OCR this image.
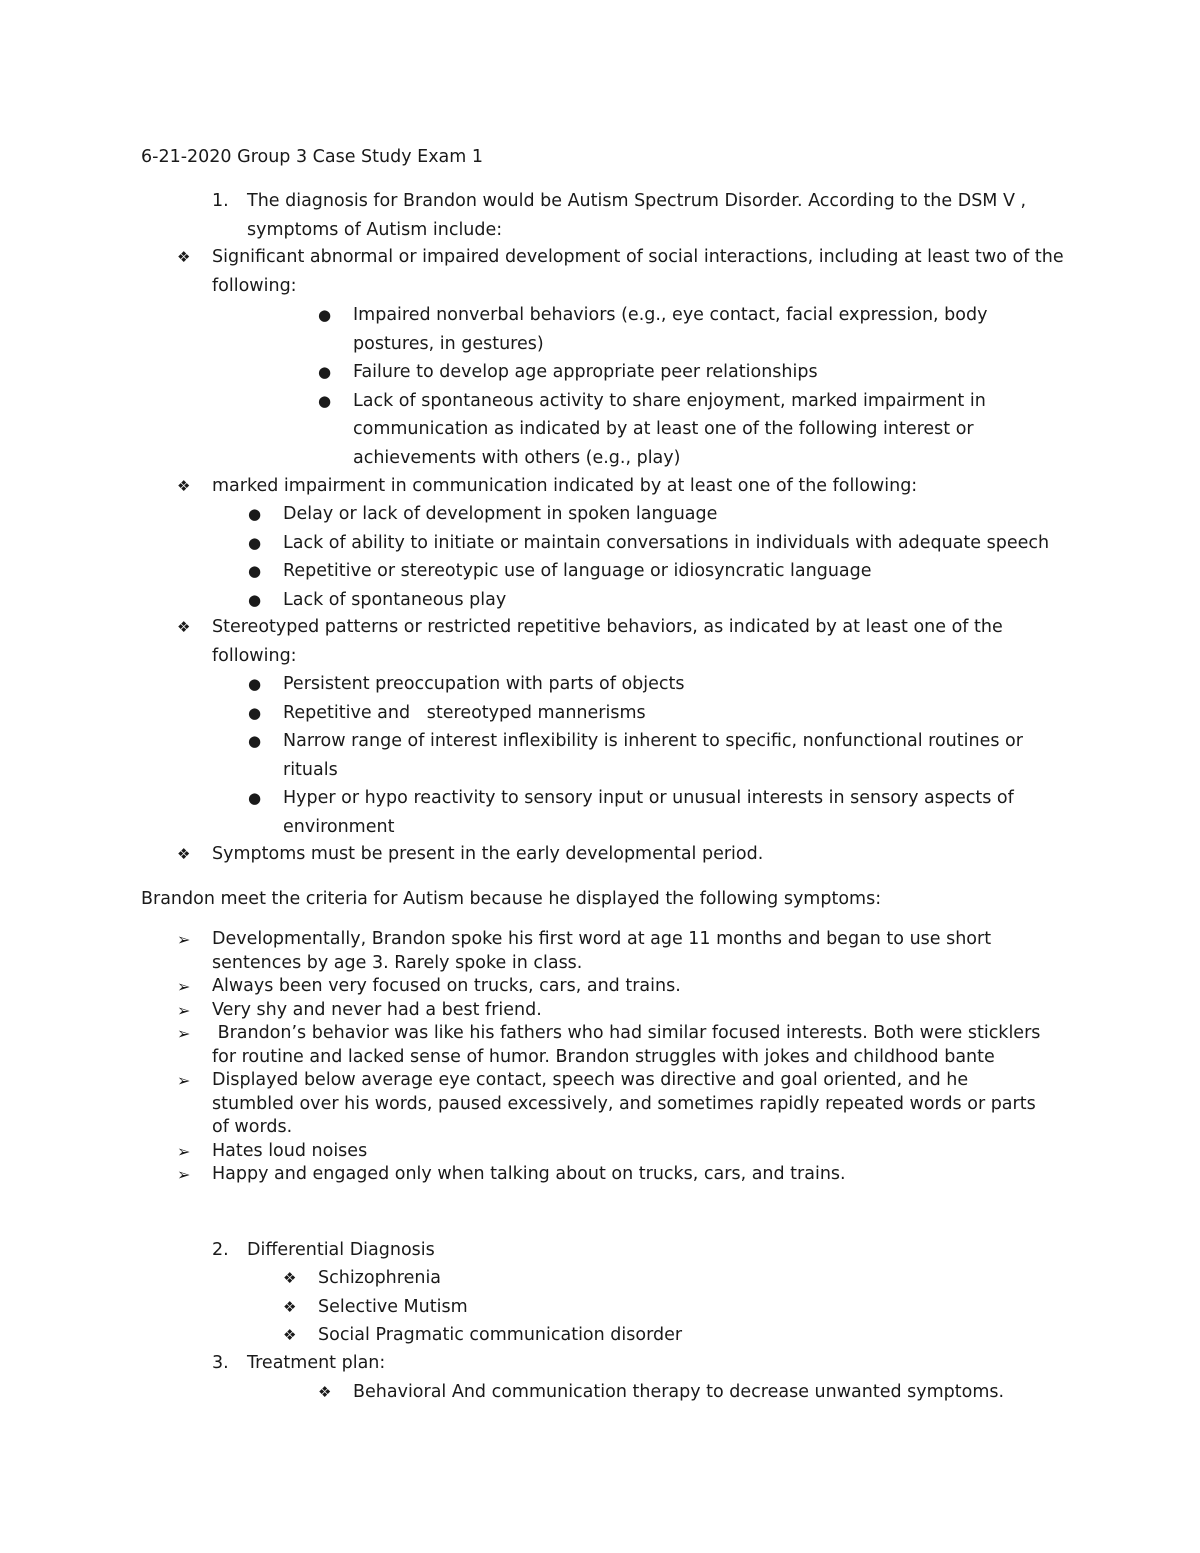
6-21-2020 Group 3 Case Study Exam 1
1.	The diagnosis for Brandon would be Autism Spectrum Disorder. According to the DSM V ,
symptoms of Autism include:
❖	Significant abnormal or impaired development of social interactions, including at least two of the
following:
●	Impaired nonverbal behaviors (e.g., eye contact, facial expression, body
postures, in gestures)
●	Failure to develop age appropriate peer relationships
●	Lack of spontaneous activity to share enjoyment, marked impairment in
communication as indicated by at least one of the following interest or
achievements with others (e.g., play)
❖	marked impairment in communication indicated by at least one of the following:
●	Delay or lack of development in spoken language
●	Lack of ability to initiate or maintain conversations in individuals with adequate speech
●	Repetitive or stereotypic use of language or idiosyncratic language
●	Lack of spontaneous play
❖	Stereotyped patterns or restricted repetitive behaviors, as indicated by at least one of the
following:
●	Persistent preoccupation with parts of objects
●	Repetitive and   stereotyped mannerisms
●	Narrow range of interest inflexibility is inherent to specific, nonfunctional routines or
rituals
●	Hyper or hypo reactivity to sensory input or unusual interests in sensory aspects of
environment
❖	Symptoms must be present in the early developmental period.
Brandon meet the criteria for Autism because he displayed the following symptoms:
➢	Developmentally, Brandon spoke his first word at age 11 months and began to use short
sentences by age 3. Rarely spoke in class.
➢	Always been very focused on trucks, cars, and trains.
➢	Very shy and never had a best friend.
➢	Brandon’s behavior was like his fathers who had similar focused interests. Both were sticklers
for routine and lacked sense of humor. Brandon struggles with jokes and childhood bante
➢	Displayed below average eye contact, speech was directive and goal oriented, and he
stumbled over his words, paused excessively, and sometimes rapidly repeated words or parts
of words.
➢	Hates loud noises
➢	Happy and engaged only when talking about on trucks, cars, and trains.
2.	Differential Diagnosis
❖	Schizophrenia
❖	Selective Mutism
❖	Social Pragmatic communication disorder
3.	Treatment plan:
❖	Behavioral And communication therapy to decrease unwanted symptoms.
